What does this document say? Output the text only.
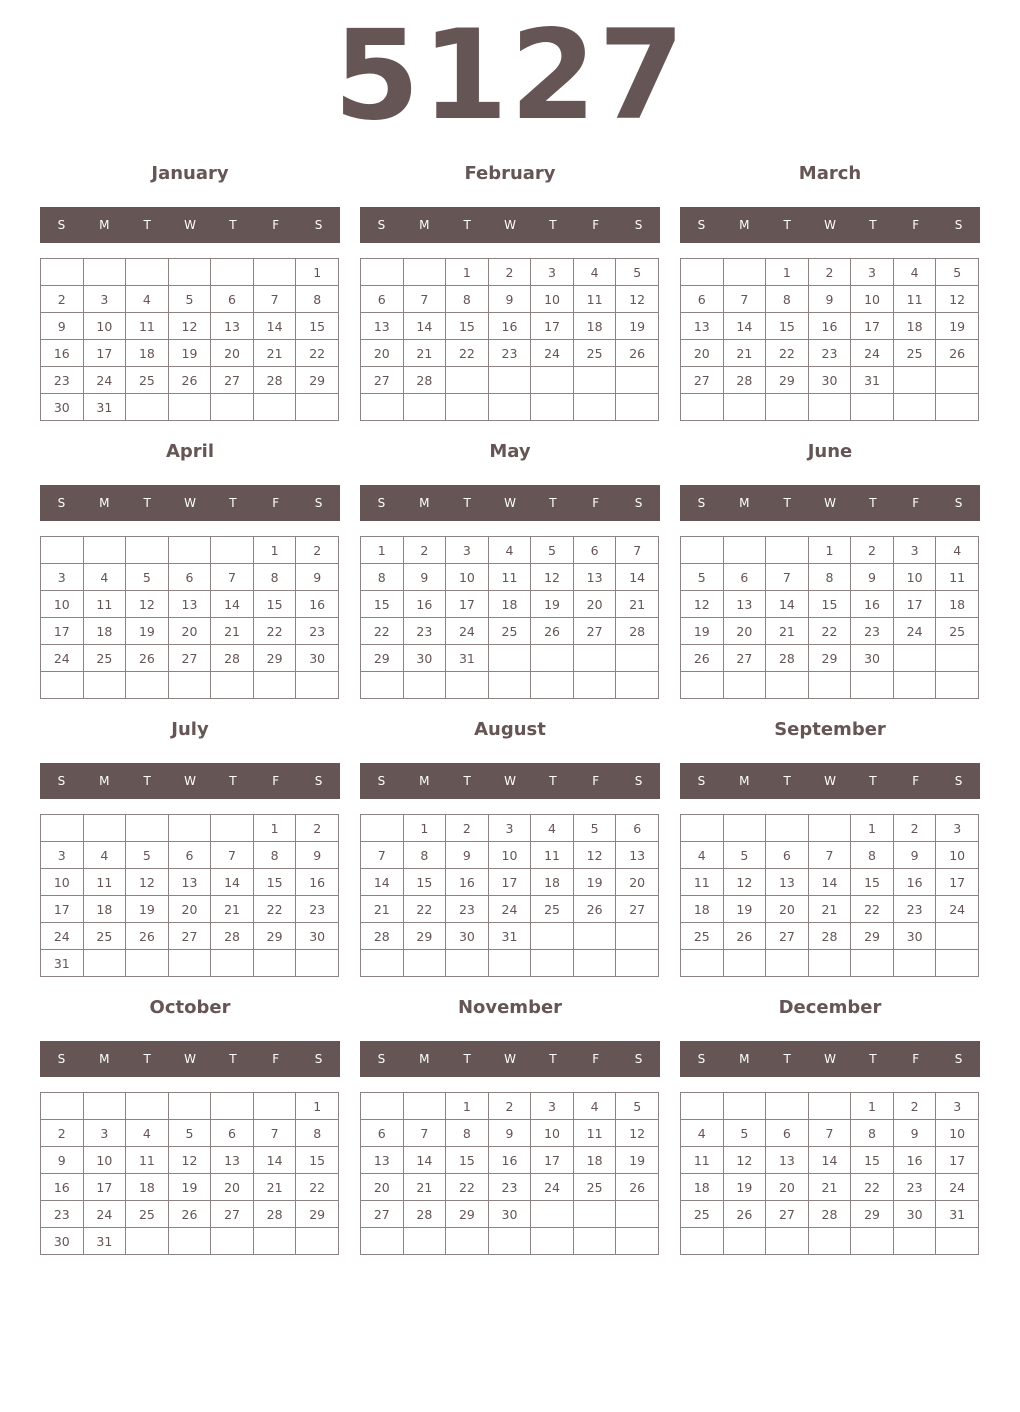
5127
January
S	M	T	W	T	F	S
						1
2	3	4	5	6	7	8
9	10	11	12	13	14	15
16	17	18	19	20	21	22
23	24	25	26	27	28	29
30	31					
February
S	M	T	W	T	F	S
		1	2	3	4	5
6	7	8	9	10	11	12
13	14	15	16	17	18	19
20	21	22	23	24	25	26
27	28					

March
S	M	T	W	T	F	S
		1	2	3	4	5
6	7	8	9	10	11	12
13	14	15	16	17	18	19
20	21	22	23	24	25	26
27	28	29	30	31		

April
S	M	T	W	T	F	S
					1	2
3	4	5	6	7	8	9
10	11	12	13	14	15	16
17	18	19	20	21	22	23
24	25	26	27	28	29	30

May
S	M	T	W	T	F	S
1	2	3	4	5	6	7
8	9	10	11	12	13	14
15	16	17	18	19	20	21
22	23	24	25	26	27	28
29	30	31				

June
S	M	T	W	T	F	S
			1	2	3	4
5	6	7	8	9	10	11
12	13	14	15	16	17	18
19	20	21	22	23	24	25
26	27	28	29	30		

July
S	M	T	W	T	F	S
					1	2
3	4	5	6	7	8	9
10	11	12	13	14	15	16
17	18	19	20	21	22	23
24	25	26	27	28	29	30
31						
August
S	M	T	W	T	F	S
	1	2	3	4	5	6
7	8	9	10	11	12	13
14	15	16	17	18	19	20
21	22	23	24	25	26	27
28	29	30	31			

September
S	M	T	W	T	F	S
				1	2	3
4	5	6	7	8	9	10
11	12	13	14	15	16	17
18	19	20	21	22	23	24
25	26	27	28	29	30	

October
S	M	T	W	T	F	S
						1
2	3	4	5	6	7	8
9	10	11	12	13	14	15
16	17	18	19	20	21	22
23	24	25	26	27	28	29
30	31					
November
S	M	T	W	T	F	S
		1	2	3	4	5
6	7	8	9	10	11	12
13	14	15	16	17	18	19
20	21	22	23	24	25	26
27	28	29	30			

December
S	M	T	W	T	F	S
				1	2	3
4	5	6	7	8	9	10
11	12	13	14	15	16	17
18	19	20	21	22	23	24
25	26	27	28	29	30	31
